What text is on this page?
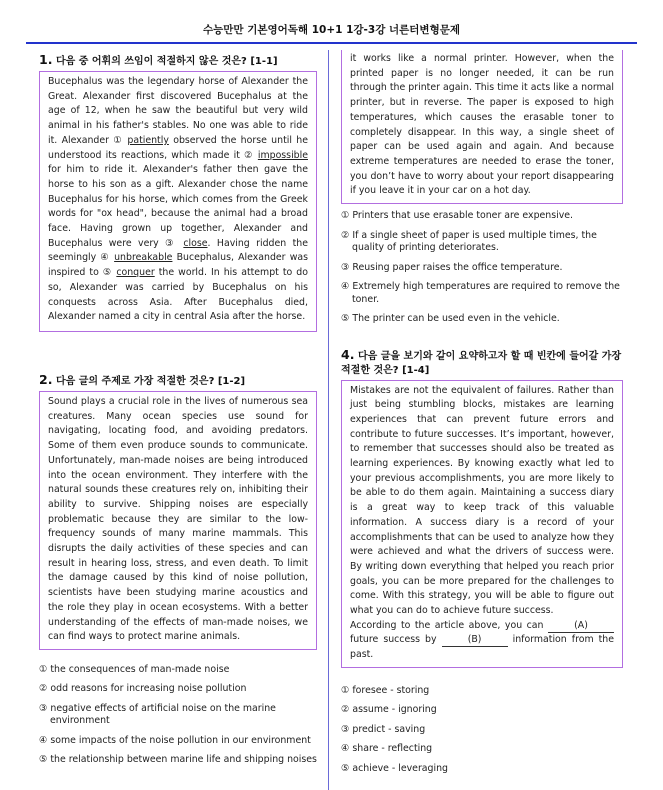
수능만만 기본영어독해 10+1 1강-3강 너른터변형문제
1. 다음 중 어휘의 쓰임이 적절하지 않은 것은? [1-1]
Bucephalus was the legendary horse of Alexander the Great. Alexander first discovered Bucephalus at the age of 12, when he saw the beautiful but very wild animal in his father's stables. No one was able to ride it. Alexander ① patiently observed the horse until he understood its reactions, which made it ② impossible for him to ride it. Alexander's father then gave the horse to his son as a gift. Alexander chose the name Bucephalus for his horse, which comes from the Greek words for "ox head", because the animal had a broad face. Having grown up together, Alexander and Bucephalus were very ③ close. Having ridden the seemingly ④ unbreakable Bucephalus, Alexander was inspired to ⑤ conquer the world. In his attempt to do so, Alexander was carried by Bucephalus on his conquests across Asia. After Bucephalus died, Alexander named a city in central Asia after the horse.
2. 다음 글의 주제로 가장 적절한 것은? [1-2]
Sound plays a crucial role in the lives of numerous sea creatures. Many ocean species use sound for navigating, locating food, and avoiding predators. Some of them even produce sounds to communicate. Unfortunately, man-made noises are being introduced into the ocean environment. They interfere with the natural sounds these creatures rely on, inhibiting their ability to survive. Shipping noises are especially problematic because they are similar to the low-frequency sounds of many marine mammals. This disrupts the daily activities of these species and can result in hearing loss, stress, and even death. To limit the damage caused by this kind of noise pollution, scientists have been studying marine acoustics and the role they play in ocean ecosystems. With a better understanding of the effects of man-made noises, we can find ways to protect marine animals.
① the consequences of man-made noise
② odd reasons for increasing noise pollution
③ negative effects of artificial noise on the marine environment
④ some impacts of the noise pollution in our environment
⑤ the relationship between marine life and shipping noises
it works like a normal printer. However, when the printed paper is no longer needed, it can be run through the printer again. This time it acts like a normal printer, but in reverse. The paper is exposed to high temperatures, which causes the erasable toner to completely disappear. In this way, a single sheet of paper can be used again and again. And because extreme temperatures are needed to erase the toner, you don’t have to worry about your report disappearing if you leave it in your car on a hot day.
① Printers that use erasable toner are expensive.
② If a single sheet of paper is used multiple times, the quality of printing deteriorates.
③ Reusing paper raises the office temperature.
④ Extremely high temperatures are required to remove the toner.
⑤ The printer can be used even in the vehicle.
4. 다음 글을 보기와 같이 요약하고자 할 때 빈칸에 들어갈 가장 적절한 것은? [1-4]
Mistakes are not the equivalent of failures. Rather than just being stumbling blocks, mistakes are learning experiences that can prevent future errors and contribute to future successes. It’s important, however, to remember that successes should also be treated as learning experiences. By knowing exactly what led to your previous accomplishments, you are more likely to be able to do them again. Maintaining a success diary is a great way to keep track of this valuable information. A success diary is a record of your accomplishments that can be used to analyze how they were achieved and what the drivers of success were. By writing down everything that helped you reach prior goals, you can be more prepared for the challenges to come. With this strategy, you will be able to figure out what you can do to achieve future success.
According to the article above, you can	(A) future success by	(B)	information from the past.
① foresee - storing
② assume - ignoring
③ predict - saving
④ share - reflecting
⑤ achieve - leveraging
